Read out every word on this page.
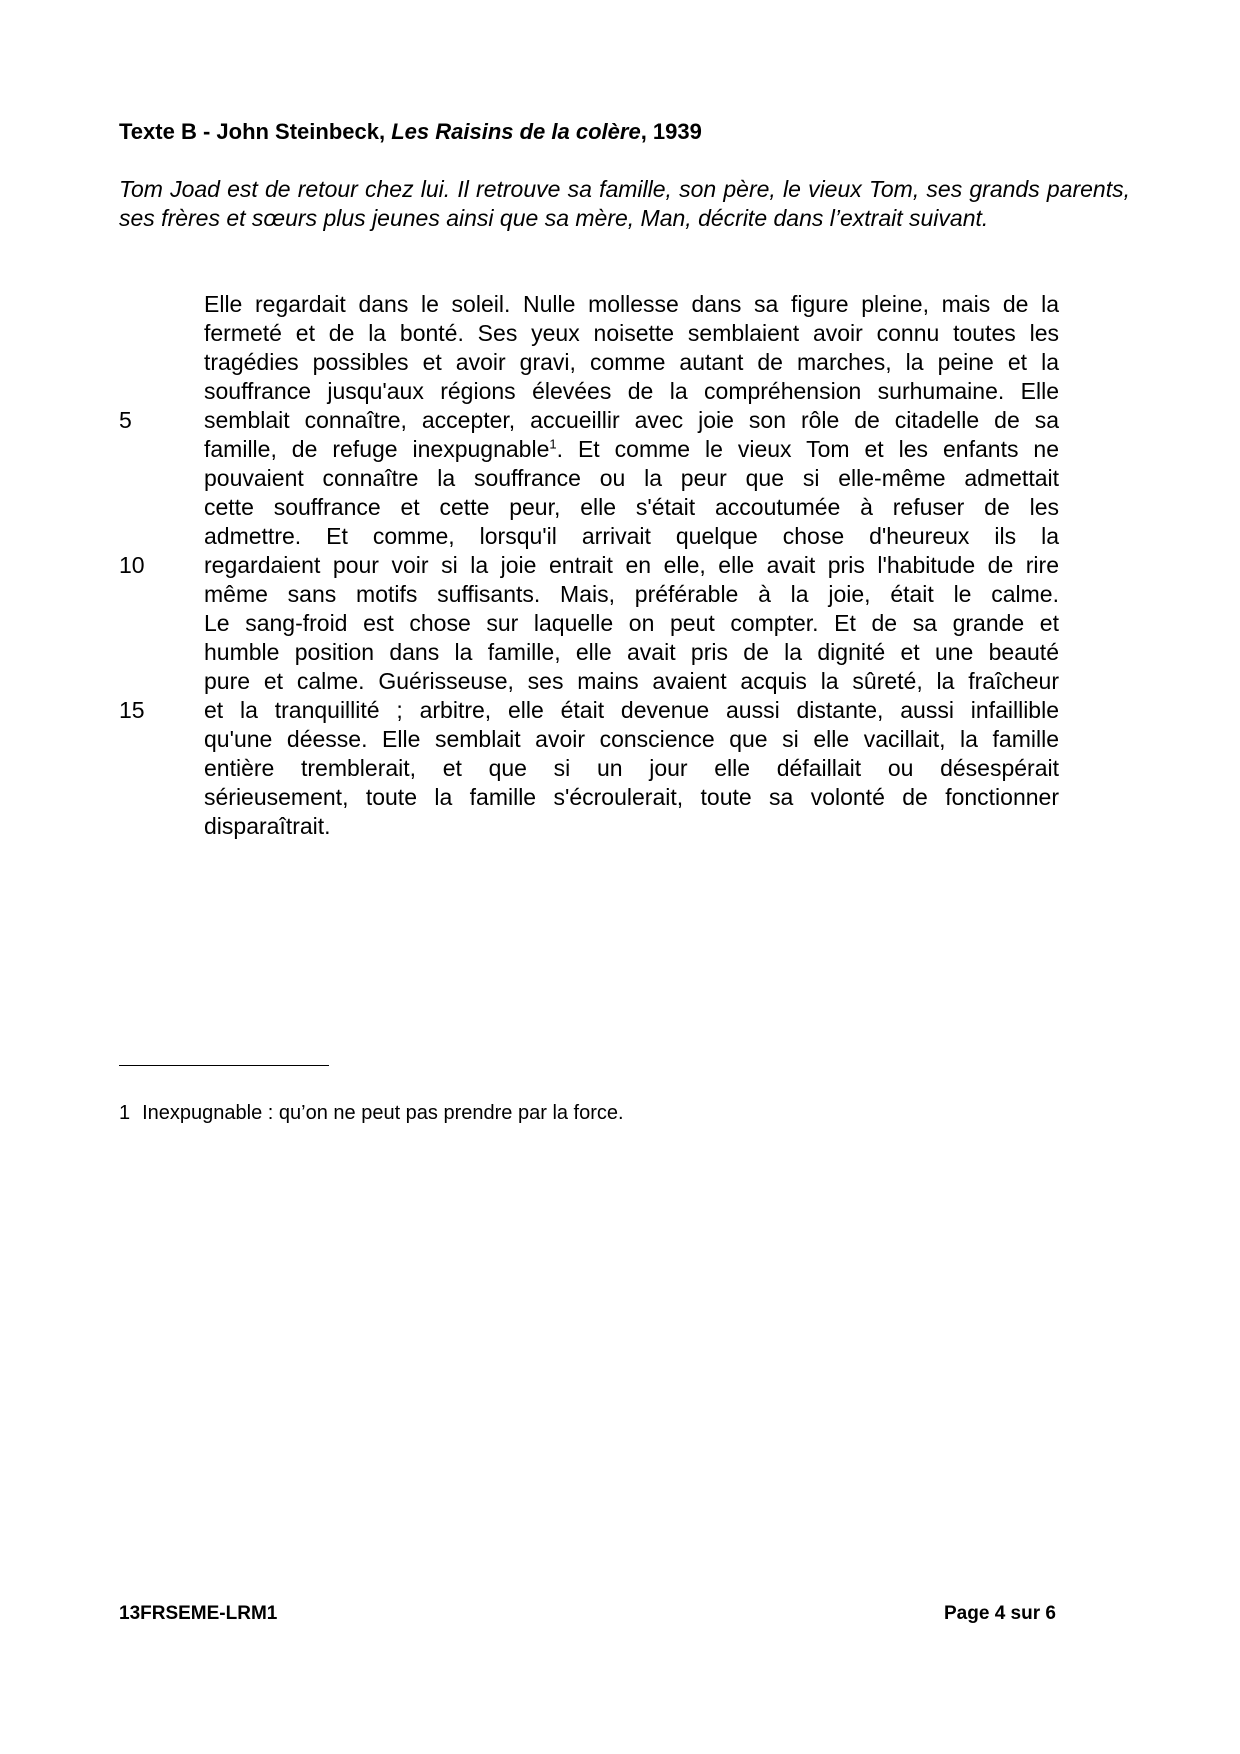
Texte B - John Steinbeck, Les Raisins de la colère, 1939
Tom Joad est de retour chez lui. Il retrouve sa famille, son père, le vieux Tom, ses grands parents, ses frères et sœurs plus jeunes ainsi que sa mère, Man, décrite dans l’extrait suivant.
Elle regardait dans le soleil. Nulle mollesse dans sa figure pleine, mais de la
fermeté et de la bonté. Ses yeux noisette semblaient avoir connu toutes les
tragédies possibles et avoir gravi, comme autant de marches, la peine et la
souffrance jusqu'aux régions élevées de la compréhension surhumaine. Elle
5	semblait connaître, accepter, accueillir avec joie son rôle de citadelle de sa
famille, de refuge inexpugnable$^1$. Et comme le vieux Tom et les enfants ne
pouvaient connaître la souffrance ou la peur que si elle-même admettait
cette souffrance et cette peur, elle s'était accoutumée à refuser de les
admettre. Et comme, lorsqu'il arrivait quelque chose d'heureux ils la
10	regardaient pour voir si la joie entrait en elle, elle avait pris l'habitude de rire
même sans motifs suffisants. Mais, préférable à la joie, était le calme.
Le sang-froid est chose sur laquelle on peut compter. Et de sa grande et
humble position dans la famille, elle avait pris de la dignité et une beauté
pure et calme. Guérisseuse, ses mains avaient acquis la sûreté, la fraîcheur
15	et la tranquillité ; arbitre, elle était devenue aussi distante, aussi infaillible
qu'une déesse. Elle semblait avoir conscience que si elle vacillait, la famille
entière tremblerait, et que si un jour elle défaillait ou désespérait
sérieusement, toute la famille s'écroulerait, toute sa volonté de fonctionner
disparaîtrait.
1 Inexpugnable : qu’on ne peut pas prendre par la force.
13FRSEME-LRM1	Page 4 sur 6
